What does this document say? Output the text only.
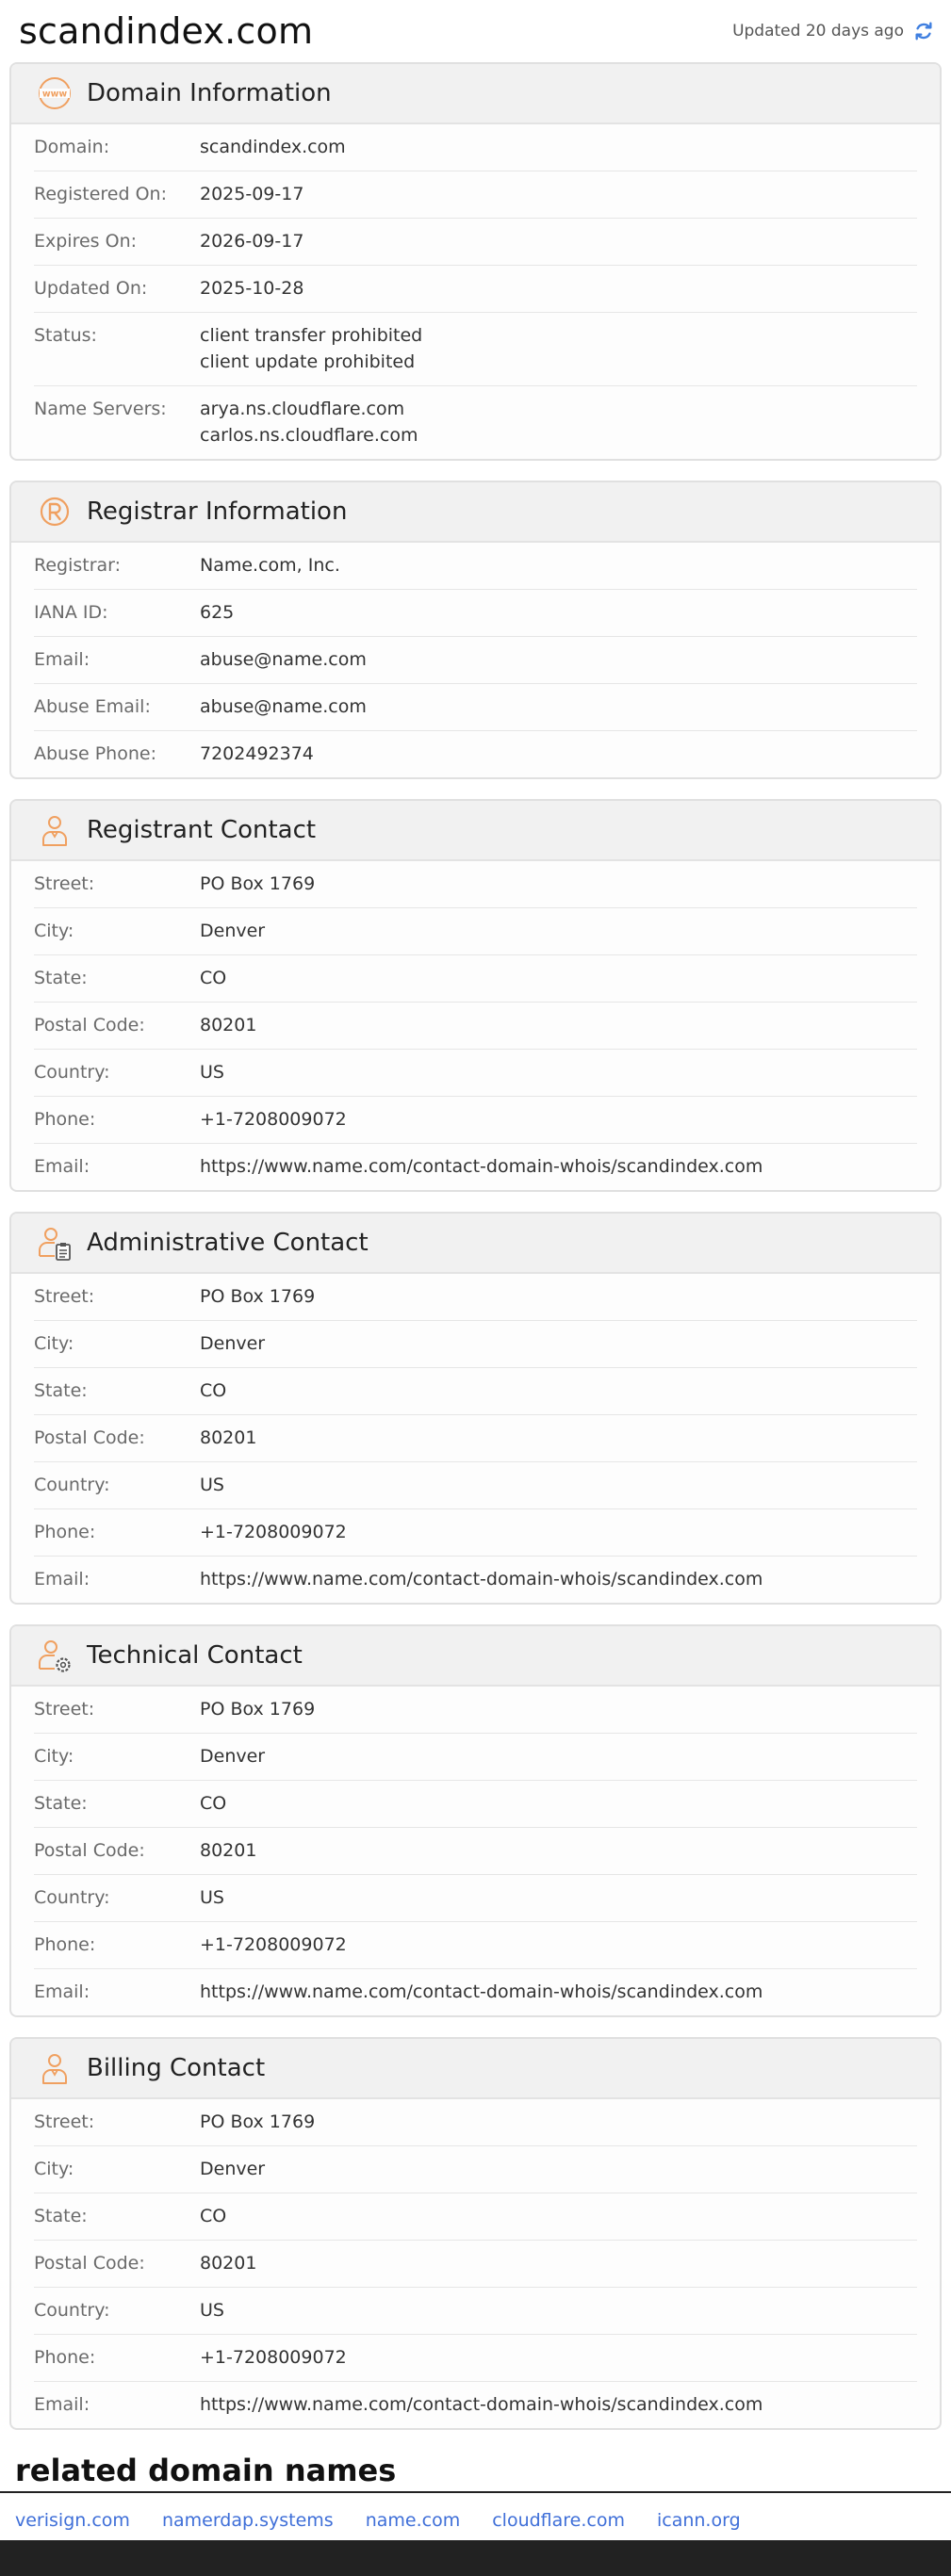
scandindex.com	Updated 20 days ago
www Domain Information
Domain:	scandindex.com
Registered On:	2025-09-17
Expires On:	2026-09-17
Updated On:	2025-10-28
Status:	client transfer prohibited
client update prohibited
Name Servers:	arya.ns.cloudflare.com
carlos.ns.cloudflare.com
Registrar Information
Registrar:	Name.com, Inc.
IANA ID:	625
Email:	abuse@name.com
Abuse Email:	abuse@name.com
Abuse Phone:	7202492374
Registrant Contact
Street:	PO Box 1769
City:	Denver
State:	CO
Postal Code:	80201
Country:	US
Phone:	+1-7208009072
Email:	https://www.name.com/contact-domain-whois/scandindex.com
Administrative Contact
Street:	PO Box 1769
City:	Denver
State:	CO
Postal Code:	80201
Country:	US
Phone:	+1-7208009072
Email:	https://www.name.com/contact-domain-whois/scandindex.com
Technical Contact
Street:	PO Box 1769
City:	Denver
State:	CO
Postal Code:	80201
Country:	US
Phone:	+1-7208009072
Email:	https://www.name.com/contact-domain-whois/scandindex.com
Billing Contact
Street:	PO Box 1769
City:	Denver
State:	CO
Postal Code:	80201
Country:	US
Phone:	+1-7208009072
Email:	https://www.name.com/contact-domain-whois/scandindex.com
related domain names
verisign.com namerdap.systems name.com cloudflare.com icann.org
